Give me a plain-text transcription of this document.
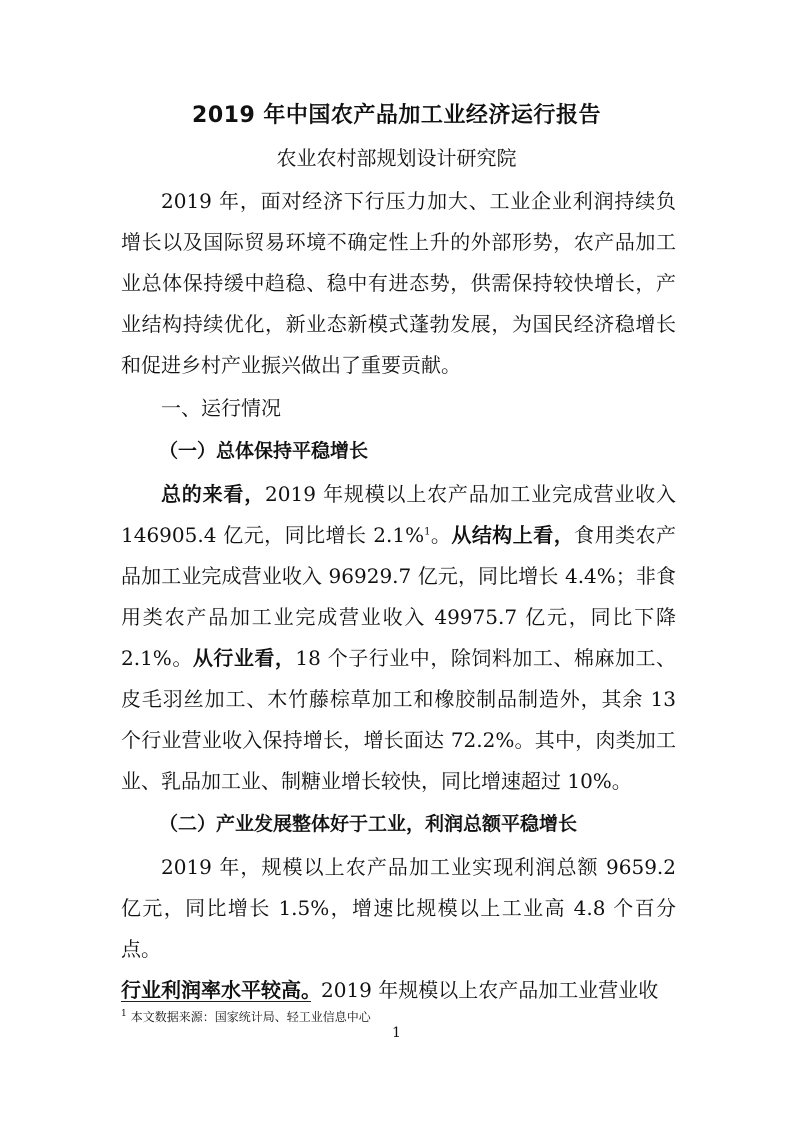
2019 年中国农产品加工业经济运行报告

农业农村部规划设计研究院

2019 年，面对经济下行压力加大、工业企业利润持续负增长以及国际贸易环境不确定性上升的外部形势，农产品加工业总体保持缓中趋稳、稳中有进态势，供需保持较快增长，产业结构持续优化，新业态新模式蓬勃发展，为国民经济稳增长和促进乡村产业振兴做出了重要贡献。

一、运行情况

（一）总体保持平稳增长

总的来看，2019 年规模以上农产品加工业完成营业收入 146905.4 亿元，同比增长 2.1%$^1$。从结构上看，食用类农产品加工业完成营业收入 96929.7 亿元，同比增长 4.4%；非食用类农产品加工业完成营业收入 49975.7 亿元，同比下降 2.1%。从行业看，18 个子行业中，除饲料加工、棉麻加工、皮毛羽丝加工、木竹藤棕草加工和橡胶制品制造外，其余 13 个行业营业收入保持增长，增长面达 72.2%。其中，肉类加工业、乳品加工业、制糖业增长较快，同比增速超过 10%。

（二）产业发展整体好于工业，利润总额平稳增长

2019 年，规模以上农产品加工业实现利润总额 9659.2 亿元，同比增长 1.5%，增速比规模以上工业高 4.8 个百分点。

行业利润率水平较高。2019 年规模以上农产品加工业营业收

$^1$ 本文数据来源：国家统计局、轻工业信息中心
1
